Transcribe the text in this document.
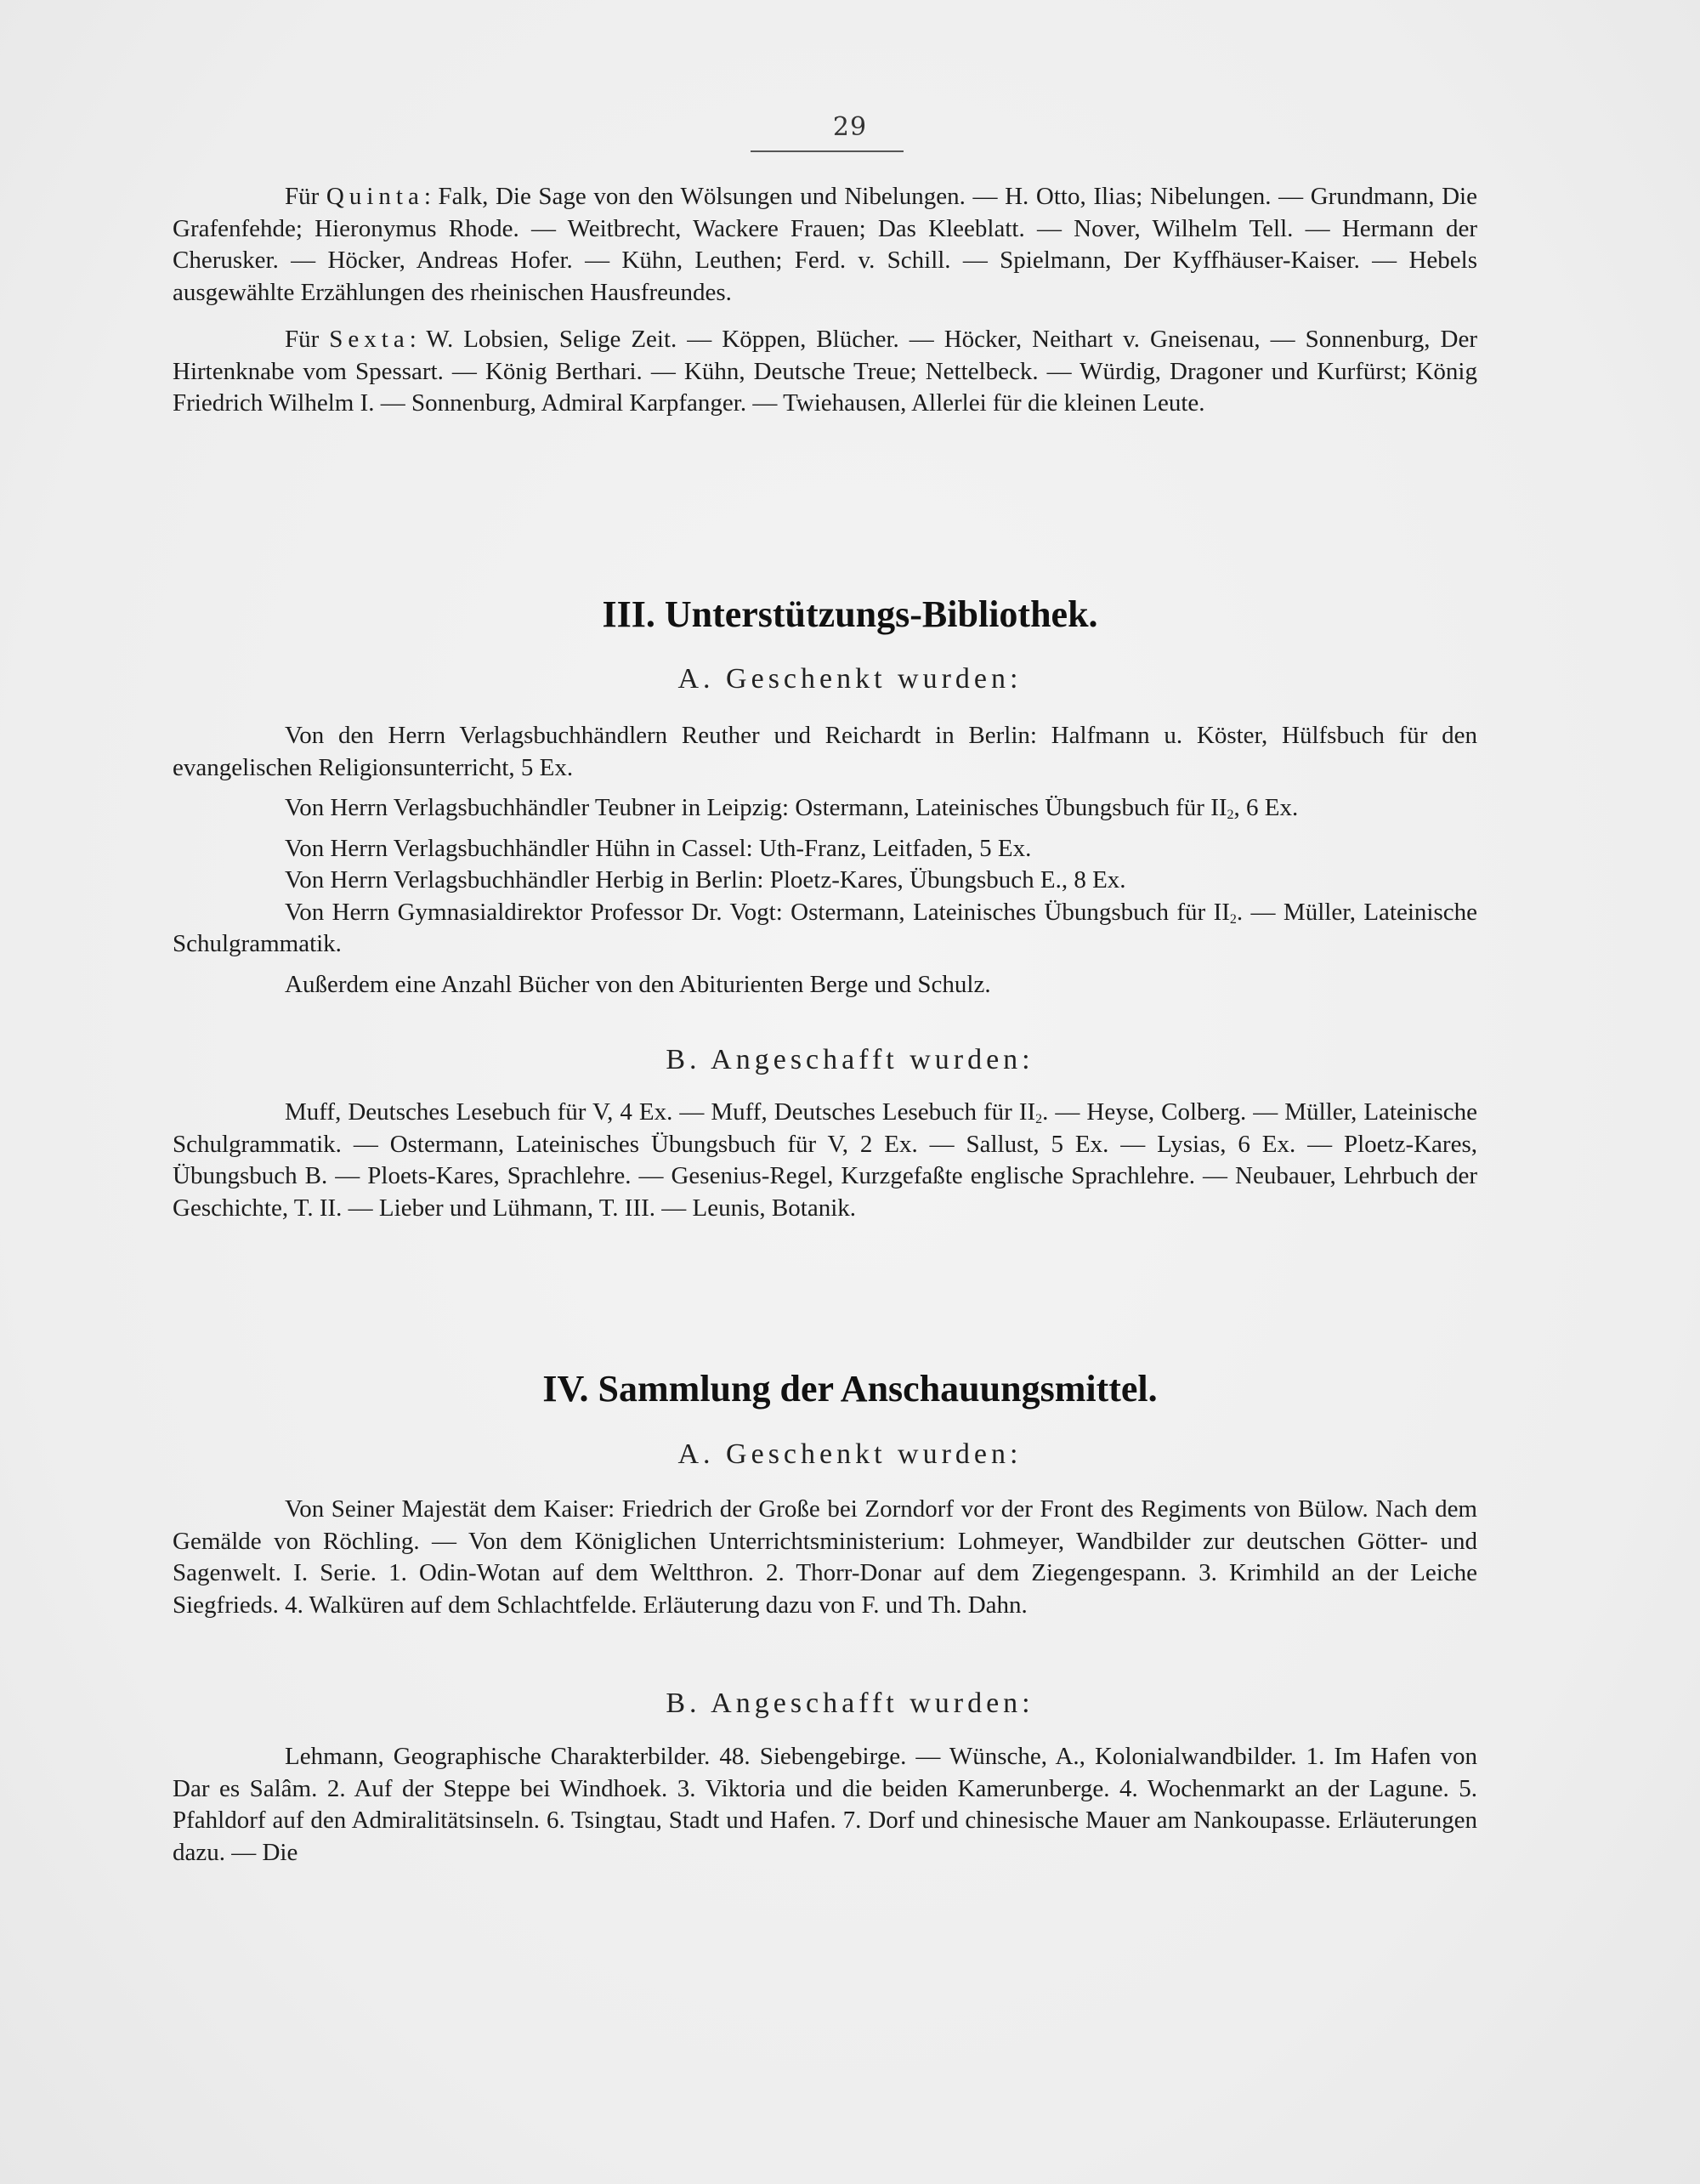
29

Für Quinta: Falk, Die Sage von den Wölsungen und Nibelungen. — H. Otto, Ilias; Nibelungen. — Grundmann, Die Grafenfehde; Hieronymus Rhode. — Weitbrecht, Wackere Frauen; Das Kleeblatt. — Nover, Wilhelm Tell. — Hermann der Cherusker. — Höcker, Andreas Hofer. — Kühn, Leuthen; Ferd. v. Schill. — Spielmann, Der Kyffhäuser-Kaiser. — Hebels ausgewählte Erzählungen des rheinischen Hausfreundes.

Für Sexta: W. Lobsien, Selige Zeit. — Köppen, Blücher. — Höcker, Neithart v. Gneisenau, — Sonnenburg, Der Hirtenknabe vom Spessart. — König Berthari. — Kühn, Deutsche Treue; Nettelbeck. — Würdig, Dragoner und Kurfürst; König Friedrich Wilhelm I. — Sonnenburg, Admiral Karpfanger. — Twiehausen, Allerlei für die kleinen Leute.

III. Unterstützungs-Bibliothek.
A. Geschenkt wurden:

Von den Herrn Verlagsbuchhändlern Reuther und Reichardt in Berlin: Halfmann u. Köster, Hülfsbuch für den evangelischen Religionsunterricht, 5 Ex.

Von Herrn Verlagsbuchhändler Teubner in Leipzig: Ostermann, Lateinisches Übungsbuch für $II_2$, 6 Ex.

Von Herrn Verlagsbuchhändler Hühn in Cassel: Uth-Franz, Leitfaden, 5 Ex.

Von Herrn Verlagsbuchhändler Herbig in Berlin: Ploetz-Kares, Übungsbuch E., 8 Ex.

Von Herrn Gymnasialdirektor Professor Dr. Vogt: Ostermann, Lateinisches Übungsbuch für $II_2$. — Müller, Lateinische Schulgrammatik.

Außerdem eine Anzahl Bücher von den Abiturienten Berge und Schulz.

B. Angeschafft wurden:

Muff, Deutsches Lesebuch für V, 4 Ex. — Muff, Deutsches Lesebuch für $II_2$. — Heyse, Colberg. — Müller, Lateinische Schulgrammatik. — Ostermann, Lateinisches Übungsbuch für V, 2 Ex. — Sallust, 5 Ex. — Lysias, 6 Ex. — Ploetz-Kares, Übungsbuch B. — Ploets-Kares, Sprachlehre. — Gesenius-Regel, Kurzgefaßte englische Sprachlehre. — Neubauer, Lehrbuch der Geschichte, T. II. — Lieber und Lühmann, T. III. — Leunis, Botanik.

IV. Sammlung der Anschauungsmittel.
A. Geschenkt wurden:

Von Seiner Majestät dem Kaiser: Friedrich der Große bei Zorndorf vor der Front des Regiments von Bülow. Nach dem Gemälde von Röchling. — Von dem Königlichen Unterrichtsministerium: Lohmeyer, Wandbilder zur deutschen Götter- und Sagenwelt. I. Serie. 1. Odin-Wotan auf dem Weltthron. 2. Thorr-Donar auf dem Ziegengespann. 3. Krimhild an der Leiche Siegfrieds. 4. Walküren auf dem Schlachtfelde. Erläuterung dazu von F. und Th. Dahn.

B. Angeschafft wurden:

Lehmann, Geographische Charakterbilder. 48. Siebengebirge. — Wünsche, A., Kolonialwandbilder. 1. Im Hafen von Dar es Salâm. 2. Auf der Steppe bei Windhoek. 3. Viktoria und die beiden Kamerunberge. 4. Wochenmarkt an der Lagune. 5. Pfahldorf auf den Admiralitätsinseln. 6. Tsingtau, Stadt und Hafen. 7. Dorf und chinesische Mauer am Nankoupasse. Erläuterungen dazu. — Die
